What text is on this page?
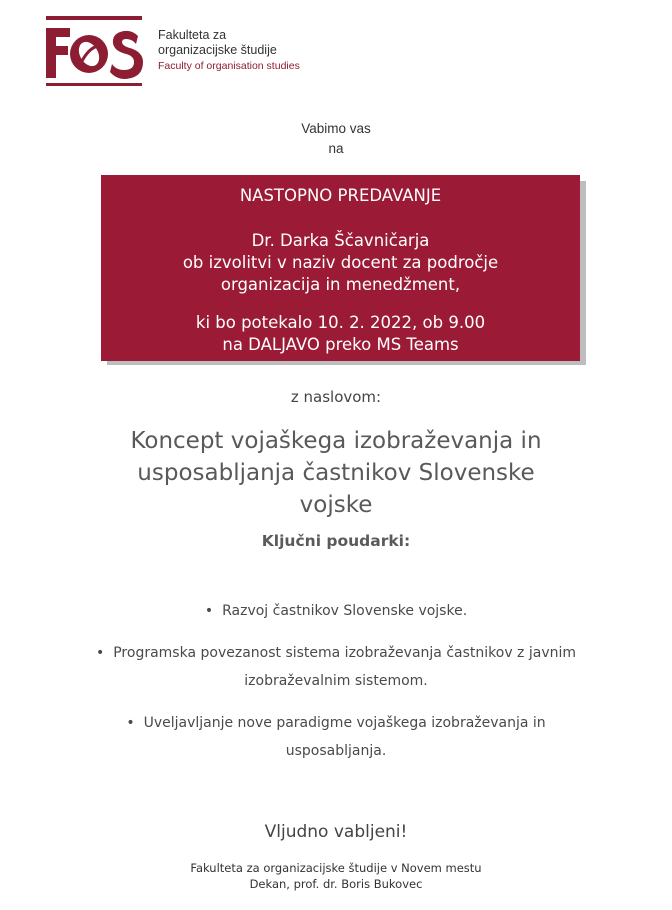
Fakulteta za
organizacijske študije
Faculty of organisation studies
Vabimo vas
na
NASTOPNO PREDAVANJE
Dr. Darka Ščavničarja
ob izvolitvi v naziv docent za področje
organizacija in menedžment,
ki bo potekalo 10. 2. 2022, ob 9.00
na DALJAVO preko MS Teams
z naslovom:
Koncept vojaškega izobraževanja in
usposabljanja častnikov Slovenske
vojske
Ključni poudarki:
• Razvoj častnikov Slovenske vojske.
• Programska povezanost sistema izobraževanja častnikov z javnim
izobraževalnim sistemom.
• Uveljavljanje nove paradigme vojaškega izobraževanja in
usposabljanja.
Vljudno vabljeni!
Fakulteta za organizacijske študije v Novem mestu
Dekan, prof. dr. Boris Bukovec
